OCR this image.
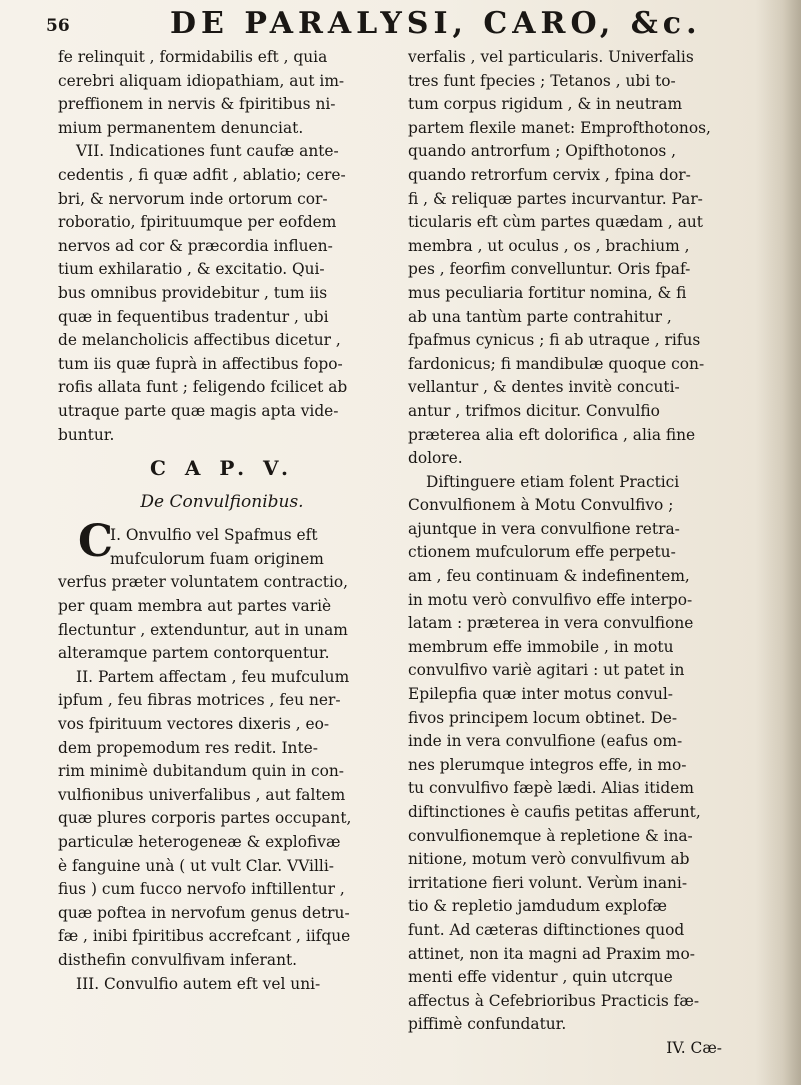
56	DE PARALYSI, CARO, &c.
fe relinquit , formidabilis eft , quia
cerebri aliquam idiopathiam, aut im-
preffionem in nervis & fpiritibus ni-
mium permanentem denunciat.
VII. Indicationes funt caufæ ante-
cedentis , fi quæ adfit , ablatio; cere-
bri, & nervorum inde ortorum cor-
roboratio, fpirituumque per eofdem
nervos ad cor & præcordia influen-
tium exhilaratio , & excitatio. Qui-
bus omnibus providebitur , tum iis
quæ in fequentibus tradentur , ubi
de melancholicis affectibus dicetur ,
tum iis quæ fuprà in affectibus fopo-
rofis allata funt ; feligendo fcilicet ab
utraque parte quæ magis apta vide-
buntur.
C A P. V.
De Convulfionibus.
C
I. Onvulfio vel Spafmus eft
mufculorum fuam originem
verfus præter voluntatem contractio,
per quam membra aut partes variè
flectuntur , extenduntur, aut in unam
alteramque partem contorquentur.
II. Partem affectam , feu mufculum
ipfum , feu fibras motrices , feu ner-
vos fpirituum vectores dixeris , eo-
dem propemodum res redit. Inte-
rim minimè dubitandum quin in con-
vulfionibus univerfalibus , aut faltem
quæ plures corporis partes occupant,
particulæ heterogeneæ & explofivæ
è fanguine unà ( ut vult Clar. VVilli-
fius ) cum fucco nervofo inftillentur ,
quæ poftea in nervofum genus detru-
fæ , inibi fpiritibus accrefcant , iifque
disthefin convulfivam inferant.
III. Convulfio autem eft vel uni-
verfalis , vel particularis. Univerfalis
tres funt fpecies ; Tetanos , ubi to-
tum corpus rigidum , & in neutram
partem flexile manet: Emprofthotonos,
quando antrorfum ; Opifthotonos ,
quando retrorfum cervix , fpina dor-
fi , & reliquæ partes incurvantur. Par-
ticularis eft cùm partes quædam , aut
membra , ut oculus , os , brachium ,
pes , feorfim convelluntur. Oris fpaf-
mus peculiaria fortitur nomina, & fi
ab una tantùm parte contrahitur ,
fpafmus cynicus ; fi ab utraque , rifus
fardonicus; fi mandibulæ quoque con-
vellantur , & dentes invitè concuti-
antur , trifmos dicitur. Convulfio
præterea alia eft dolorifica , alia fine
dolore.
Diftinguere etiam folent Practici
Convulfionem à Motu Convulfivo ;
ajuntque in vera convulfione retra-
ctionem mufculorum effe perpetu-
am , feu continuam & indefinentem,
in motu verò convulfivo effe interpo-
latam : præterea in vera convulfione
membrum effe immobile , in motu
convulfivo variè agitari : ut patet in
Epilepfia quæ inter motus convul-
fivos principem locum obtinet. De-
inde in vera convulfione (eafus om-
nes plerumque integros effe, in mo-
tu convulfivo fæpè lædi. Alias itidem
diftinctiones è caufis petitas afferunt,
convulfionemque à repletione & ina-
nitione, motum verò convulfivum ab
irritatione fieri volunt. Verùm inani-
tio & repletio jamdudum explofæ
funt. Ad cæteras diftinctiones quod
attinet, non ita magni ad Praxim mo-
menti effe videntur , quin utcrque
affectus à Cefebrioribus Practicis fæ-
piffimè confundatur.
IV. Cæ-
